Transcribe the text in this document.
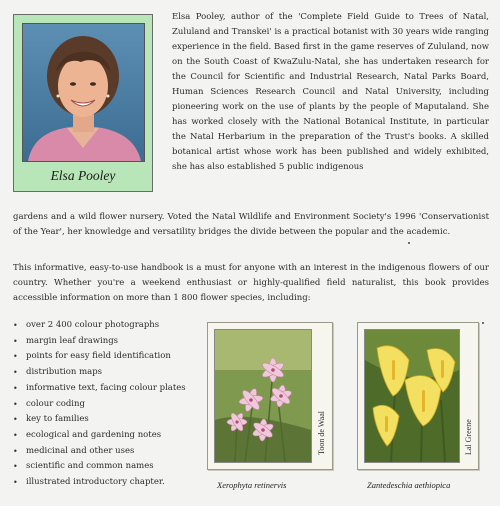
Elsa Pooley

Elsa Pooley, author of the 'Complete Field Guide to Trees of Natal, Zululand and Transkei' is a practical botanist with 30 years wide ranging experience in the field. Based first in the game reserves of Zululand, now on the South Coast of KwaZulu-Natal, she has undertaken research for the Council for Scientific and Industrial Research, Natal Parks Board, Human Sciences Research Council and Natal University, including pioneering work on the use of plants by the people of Maputaland. She has worked closely with the National Botanical Institute, in particular the Natal Herbarium in the preparation of the Trust's books. A skilled botanical artist whose work has been published and widely exhibited, she has also established 5 public indigenous

gardens and a wild flower nursery. Voted the Natal Wildlife and Environment Society's 1996 'Conservationist of the Year', her knowledge and versatility bridges the divide between the popular and the academic.

This informative, easy-to-use handbook is a must for anyone with an interest in the indigenous flowers of our country. Whether you're a weekend enthusiast or highly-qualified field naturalist, this book provides accessible information on more than 1 800 flower species, including:

• over 2 400 colour photographs
• margin leaf drawings
• points for easy field identification
• distribution maps
• informative text, facing colour plates
• colour coding
• key to families
• ecological and gardening notes
• medicinal and other uses
• scientific and common names
• illustrated introductory chapter.
Toon de Waal	Lal Greene
Xerophyta retinervis	Zantedeschia aethiopica
